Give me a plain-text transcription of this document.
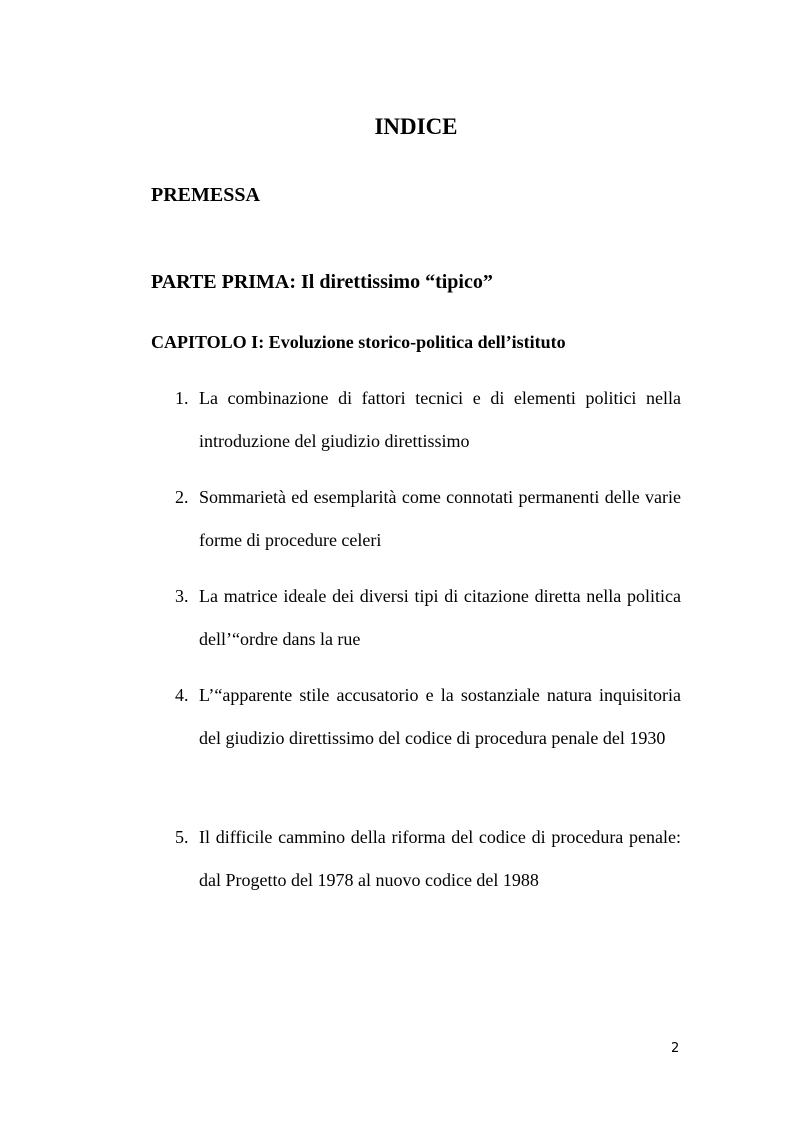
INDICE
PREMESSA
PARTE PRIMA: Il direttissimo “tipico”
CAPITOLO I: Evoluzione storico-politica dell’istituto
1. La combinazione di fattori tecnici e di elementi politici nella introduzione del giudizio direttissimo
2. Sommarietà ed esemplarità come connotati permanenti delle varie forme di procedure celeri
3. La matrice ideale dei diversi tipi di citazione diretta nella politica dell’“ordre dans la rue
4. L’“apparente stile accusatorio e la sostanziale natura inquisitoria del giudizio direttissimo del codice di procedura penale del 1930
5. Il difficile cammino della riforma del codice di procedura penale: dal Progetto del 1978 al nuovo codice del 1988
2
